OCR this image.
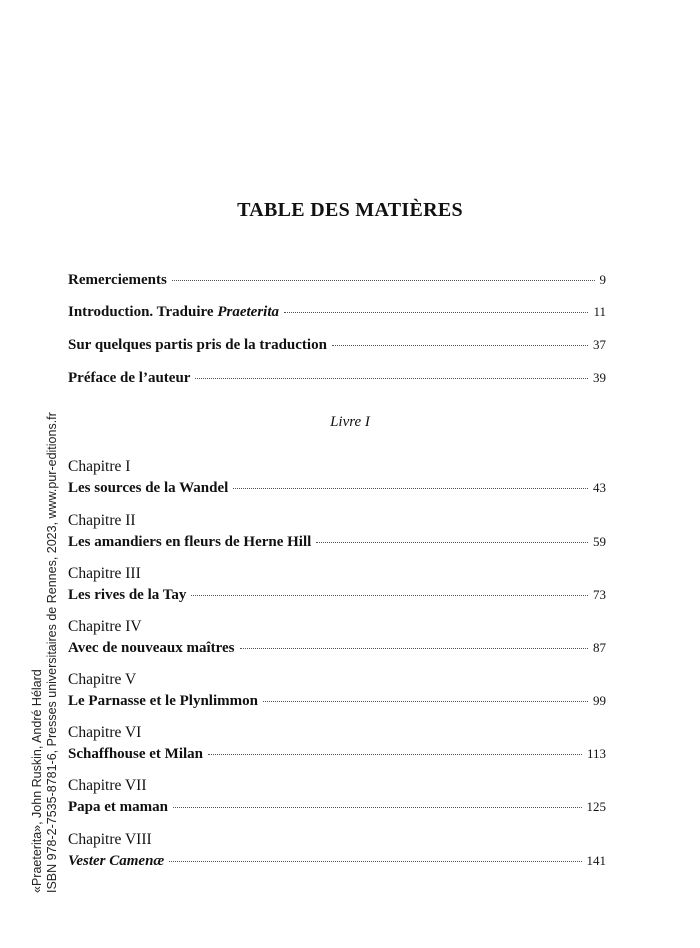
TABLE DES MATIÈRES
Remerciements	9
Introduction. Traduire Praeterita	11
Sur quelques partis pris de la traduction	37
Préface de l’auteur	39
Livre I
Chapitre I
Les sources de la Wandel	43
Chapitre II
Les amandiers en fleurs de Herne Hill	59
Chapitre III
Les rives de la Tay	73
Chapitre IV
Avec de nouveaux maîtres	87
Chapitre V
Le Parnasse et le Plynlimmon	99
Chapitre VI
Schaffhouse et Milan	113
Chapitre VII
Papa et maman	125
Chapitre VIII
Vester Camenæ	141
«Praeterita», John Ruskin, André Hélard ISBN 978-2-7535-8781-6, Presses universitaires de Rennes, 2023, www.pur-editions.fr
